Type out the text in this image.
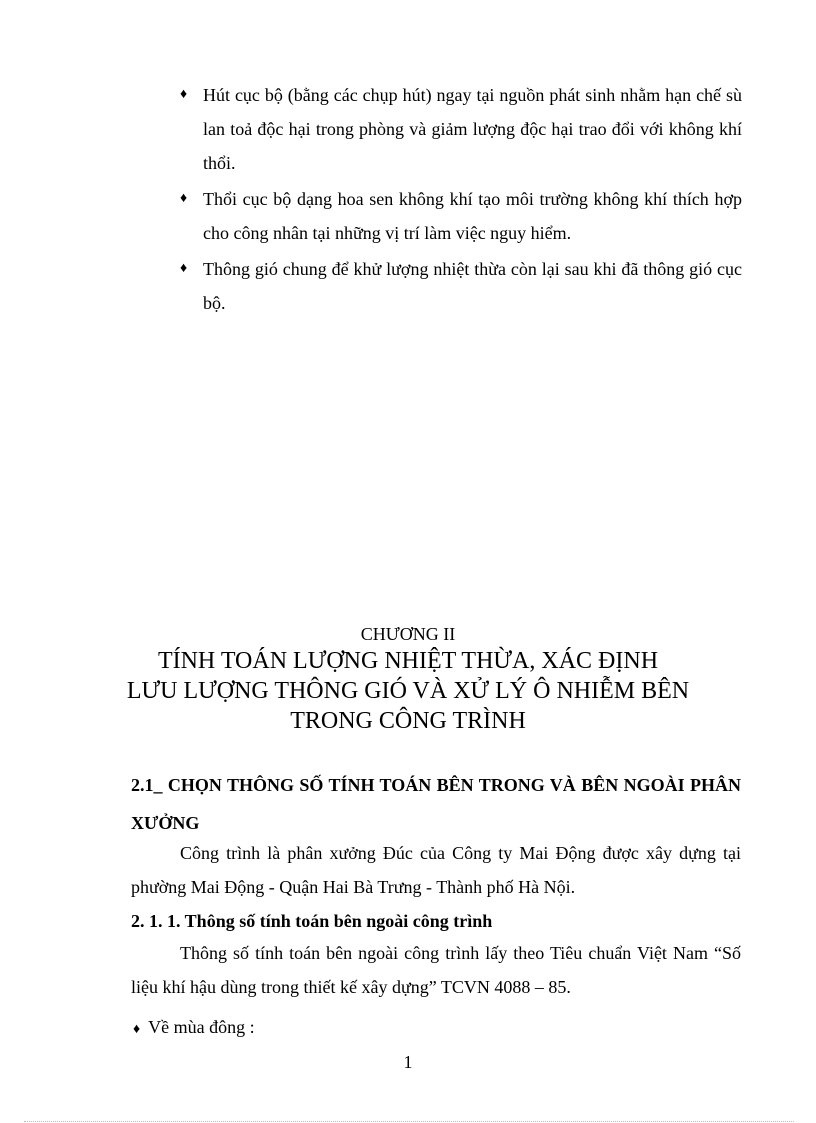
♦ Hút cục bộ (bằng các chụp hút) ngay tại nguồn phát sinh nhằm hạn chế sù lan toả độc hại trong phòng và giảm lượng độc hại trao đổi với không khí thổi.
♦ Thổi cục bộ dạng hoa sen không khí tạo môi trường không khí thích hợp cho công nhân tại những vị trí làm việc nguy hiểm.
♦ Thông gió chung để khử lượng nhiệt thừa còn lại sau khi đã thông gió cục bộ.
CHƯƠNG II
TÍNH TOÁN LƯỢNG NHIỆT THỪA, XÁC ĐỊNH
LƯU LƯỢNG THÔNG GIÓ VÀ XỬ LÝ Ô NHIỄM BÊN
TRONG CÔNG TRÌNH
2.1_ CHỌN THÔNG SỐ TÍNH TOÁN BÊN TRONG VÀ BÊN NGOÀI PHÂN XƯỞNG
Công trình là phân xưởng Đúc của Công ty Mai Động được xây dựng tại phường Mai Động - Quận Hai Bà Trưng - Thành phố Hà Nội.
2. 1. 1. Thông số tính toán bên ngoài công trình
Thông số tính toán bên ngoài công trình lấy theo Tiêu chuẩn Việt Nam “Số liệu khí hậu dùng trong thiết kế xây dựng” TCVN 4088 – 85.
♦ Về mùa đông :
1
